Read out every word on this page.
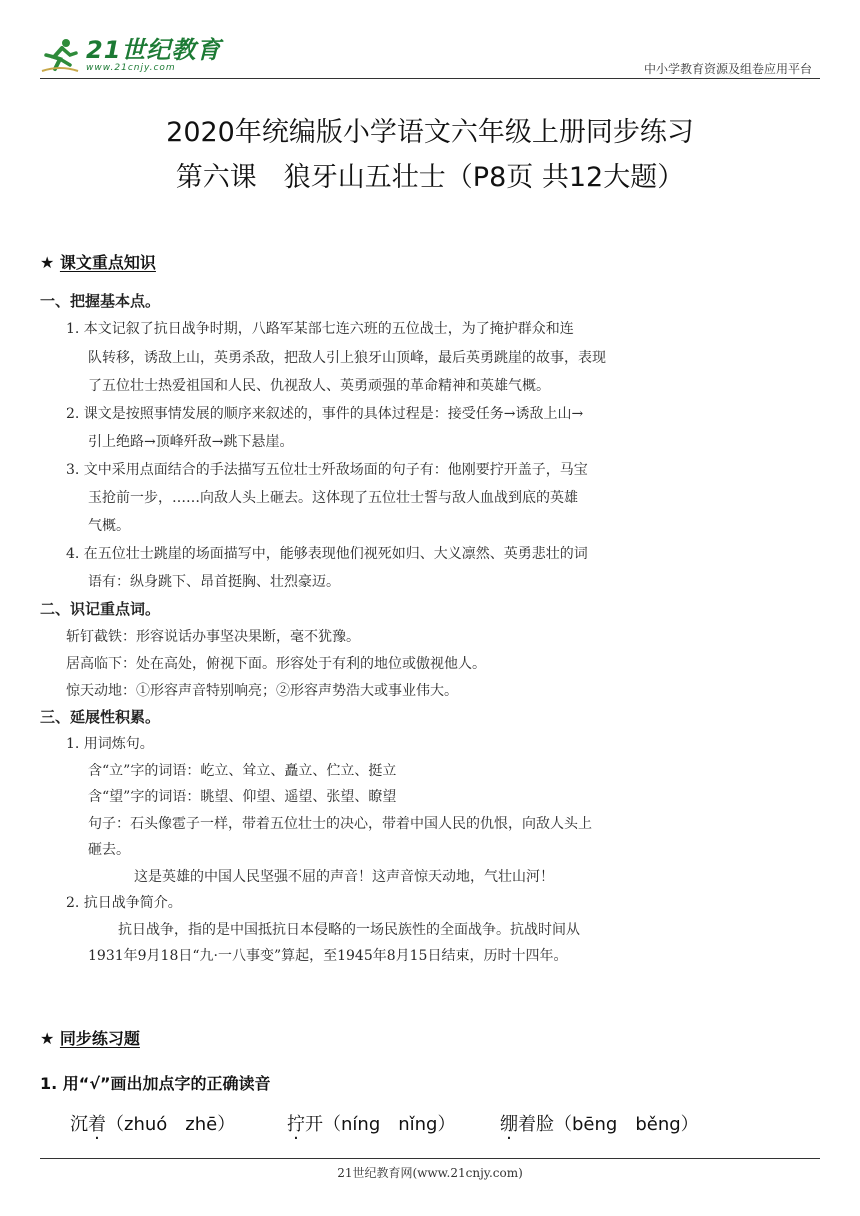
21世纪教育
www.21cnjy.com	中小学教育资源及组卷应用平台
2020年统编版小学语文六年级上册同步练习
第六课　狼牙山五壮士（P8页 共12大题）
★ 课文重点知识
一、把握基本点。
1. 本文记叙了抗日战争时期，八路军某部七连六班的五位战士，为了掩护群众和连
队转移，诱敌上山，英勇杀敌，把敌人引上狼牙山顶峰，最后英勇跳崖的故事，表现
了五位壮士热爱祖国和人民、仇视敌人、英勇顽强的革命精神和英雄气概。
2. 课文是按照事情发展的顺序来叙述的，事件的具体过程是：接受任务→诱敌上山→
引上绝路→顶峰歼敌→跳下悬崖。
3. 文中采用点面结合的手法描写五位壮士歼敌场面的句子有：他刚要拧开盖子，马宝
玉抢前一步，……向敌人头上砸去。这体现了五位壮士誓与敌人血战到底的英雄
气概。
4. 在五位壮士跳崖的场面描写中，能够表现他们视死如归、大义凛然、英勇悲壮的词
语有：纵身跳下、昂首挺胸、壮烈豪迈。
二、识记重点词。
斩钉截铁：形容说话办事坚决果断，毫不犹豫。
居高临下：处在高处，俯视下面。形容处于有利的地位或傲视他人。
惊天动地：①形容声音特别响亮；②形容声势浩大或事业伟大。
三、延展性积累。
1. 用词炼句。
含“立”字的词语：屹立、耸立、矗立、伫立、挺立
含“望”字的词语：眺望、仰望、遥望、张望、瞭望
句子：石头像雹子一样，带着五位壮士的决心，带着中国人民的仇恨，向敌人头上
砸去。
这是英雄的中国人民坚强不屈的声音！这声音惊天动地，气壮山河！
2. 抗日战争简介。
抗日战争，指的是中国抵抗日本侵略的一场民族性的全面战争。抗战时间从
1931年9月18日“九·一八事变”算起，至1945年8月15日结束，历时十四年。
★ 同步练习题
1. 用“√”画出加点字的正确读音
沉着（zhuó　zhē）	拧开（níng　nǐng） 绷着脸（bēng　běng）
21世纪教育网(www.21cnjy.com)
